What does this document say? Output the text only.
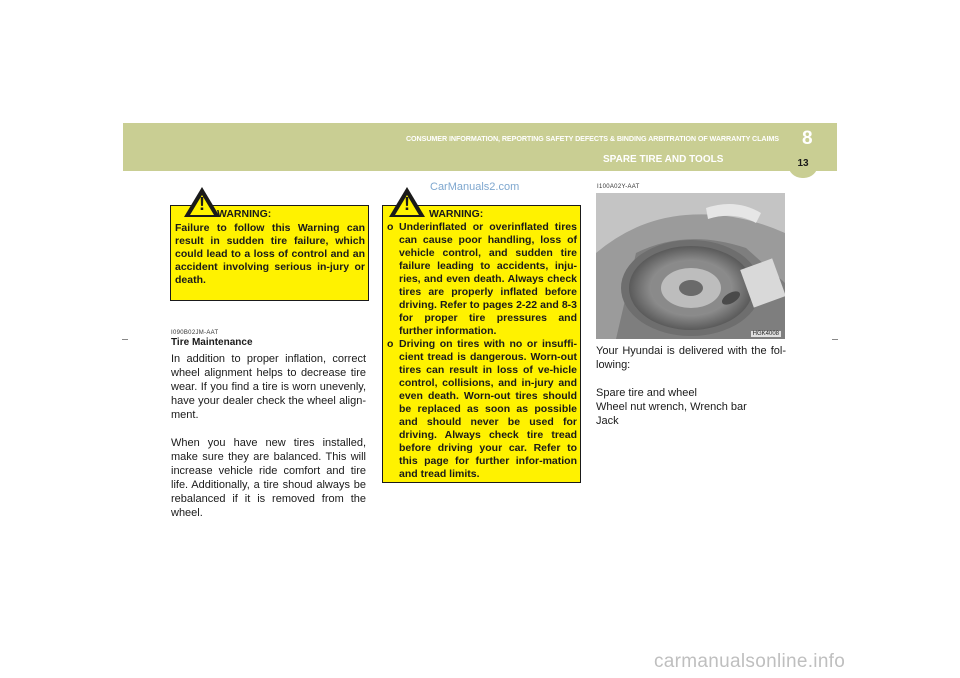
CONSUMER INFORMATION, REPORTING SAFETY DEFECTS & BINDING ARBITRATION OF WARRANTY CLAIMS 8
13
SPARE TIRE AND TOOLS
CarManuals2.com
!	WARNING:
Failure to follow this Warning can result in sudden tire failure, which could lead to a loss of control and an accident involving serious in-jury or death.
I090B02JM-AAT
Tire Maintenance
In addition to proper inflation, correct wheel alignment helps to decrease tire wear. If you find a tire is worn unevenly, have your dealer check the wheel align-ment.
When you have new tires installed, make sure they are balanced. This will increase vehicle ride comfort and tire life. Additionally, a tire shoud always be rebalanced if it is removed from the wheel.
!	WARNING:
o Underinflated or overinflated tires can cause poor handling, loss of vehicle control, and sudden tire failure leading to accidents, inju-ries, and even death. Always check tires are properly inflated before driving. Refer to pages 2-22 and 8-3 for proper tire pressures and further information.
o Driving on tires with no or insuffi-cient tread is dangerous. Worn-out tires can result in loss of ve-hicle control, collisions, and in-jury and even death. Worn-out tires should be replaced as soon as possible and should never be used for driving. Always check tire tread before driving your car. Refer to this page for further infor-mation and tread limits.
I100A02Y-AAT
HGK4008
Your Hyundai is delivered with the fol-lowing:
Spare tire and wheel
Wheel nut wrench, Wrench bar
Jack
carmanualsonline.info
